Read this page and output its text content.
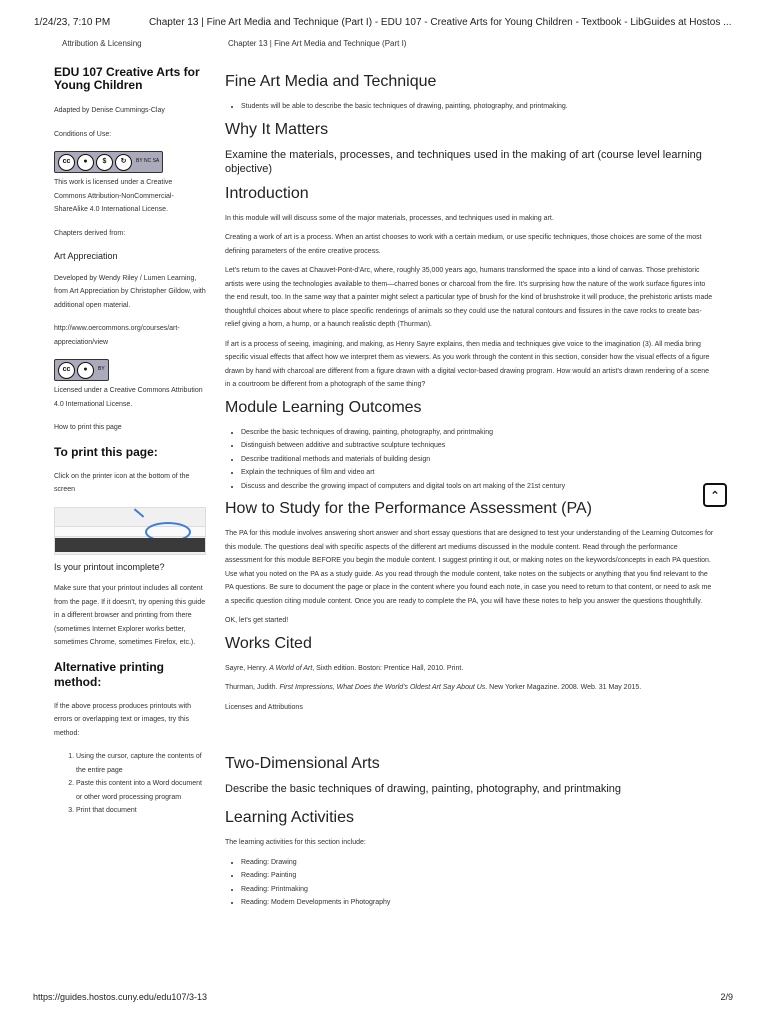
1/24/23, 7:10 PM	Chapter 13 | Fine Art Media and Technique (Part I) - EDU 107 - Creative Arts for Young Children - Textbook - LibGuides at Hostos ...
Attribution & Licensing	Chapter 13 | Fine Art Media and Technique (Part I)
EDU 107 Creative Arts for Young Children

Adapted by Denise Cummings-Clay

Conditions of Use:

cc	●	$	↻	BY NC SA

This work is licensed under a Creative Commons Attribution-NonCommercial-ShareAlike 4.0 International License.

Chapters derived from:

Art Appreciation

Developed by Wendy Riley / Lumen Learning, from Art Appreciation by Christopher Gildow, with additional open material.

http://www.oercommons.org/courses/art-appreciation/view

cc	●	BY

Licensed under a Creative Commons Attribution 4.0 International License.

How to print this page

To print this page:

Click on the printer icon at the bottom of the screen

Is your printout incomplete?

Make sure that your printout includes all content from the page. If it doesn't, try opening this guide in a different browser and printing from there (sometimes Internet Explorer works better, sometimes Chrome, sometimes Firefox, etc.).

Alternative printing method:

If the above process produces printouts with errors or overlapping text or images, try this method:

1. Using the cursor, capture the contents of the entire page
2. Paste this content into a Word document or other word processing program
3. Print that document
Fine Art Media and Technique
• Students will be able to describe the basic techniques of drawing, painting, photography, and printmaking.
Why It Matters
Examine the materials, processes, and techniques used in the making of art (course level learning objective)
Introduction

In this module will will discuss some of the major materials, processes, and techniques used in making art.

Creating a work of art is a process. When an artist chooses to work with a certain medium, or use specific techniques, those choices are some of the most defining parameters of the entire creative process.

Let's return to the caves at Chauvet-Pont-d'Arc, where, roughly 35,000 years ago, humans transformed the space into a kind of canvas. Those prehistoric artists were using the technologies available to them—charred bones or charcoal from the fire. It's surprising how the nature of the work surface figures into the end result, too. In the same way that a painter might select a particular type of brush for the kind of brushstroke it will produce, the prehistoric artists made thoughtful choices about where to place specific renderings of animals so they could use the natural contours and fissures in the cave rocks to create bas-relief giving a horn, a hump, or a haunch realistic depth (Thurman).

If art is a process of seeing, imagining, and making, as Henry Sayre explains, then media and techniques give voice to the imagination (3). All media bring specific visual effects that affect how we interpret them as viewers. As you work through the content in this section, consider how the visual effects of a figure drawn by hand with charcoal are different from a figure drawn with a digital vector-based drawing program. How would an artist's drawn rendering of a scene in a courtroom be different from a photograph of the same thing?

Module Learning Outcomes
• Describe the basic techniques of drawing, painting, photography, and printmaking
• Distinguish between additive and subtractive sculpture techniques
• Describe traditional methods and materials of building design
• Explain the techniques of film and video art
• Discuss and describe the growing impact of computers and digital tools on art making of the 21st century
How to Study for the Performance Assessment (PA)

The PA for this module involves answering short answer and short essay questions that are designed to test your understanding of the Learning Outcomes for this module. The questions deal with specific aspects of the different art mediums discussed in the module content. Read through the performance assessment for this module BEFORE you begin the module content. I suggest printing it out, or making notes on the keywords/concepts in each PA question. Use what you noted on the PA as a study guide. As you read through the module content, take notes on the subjects or anything that you find relevant to the PA questions. Be sure to document the page or place in the content where you found each note, in case you need to return to that content, or need to ask me a specific question citing module content. Once you are ready to complete the PA, you will have these notes to help you answer the questions thoughtfully.

OK, let's get started!

Works Cited

Sayre, Henry. A World of Art, Sixth edition. Boston: Prentice Hall, 2010. Print.

Thurman, Judith. First Impressions, What Does the World's Oldest Art Say About Us. New Yorker Magazine. 2008. Web. 31 May 2015.

Licenses and Attributions

Two-Dimensional Arts
Describe the basic techniques of drawing, painting, photography, and printmaking
Learning Activities

The learning activities for this section include:

• Reading: Drawing
• Reading: Painting
• Reading: Printmaking
• Reading: Modern Developments in Photography
⌃
https://guides.hostos.cuny.edu/edu107/3-13	2/9
